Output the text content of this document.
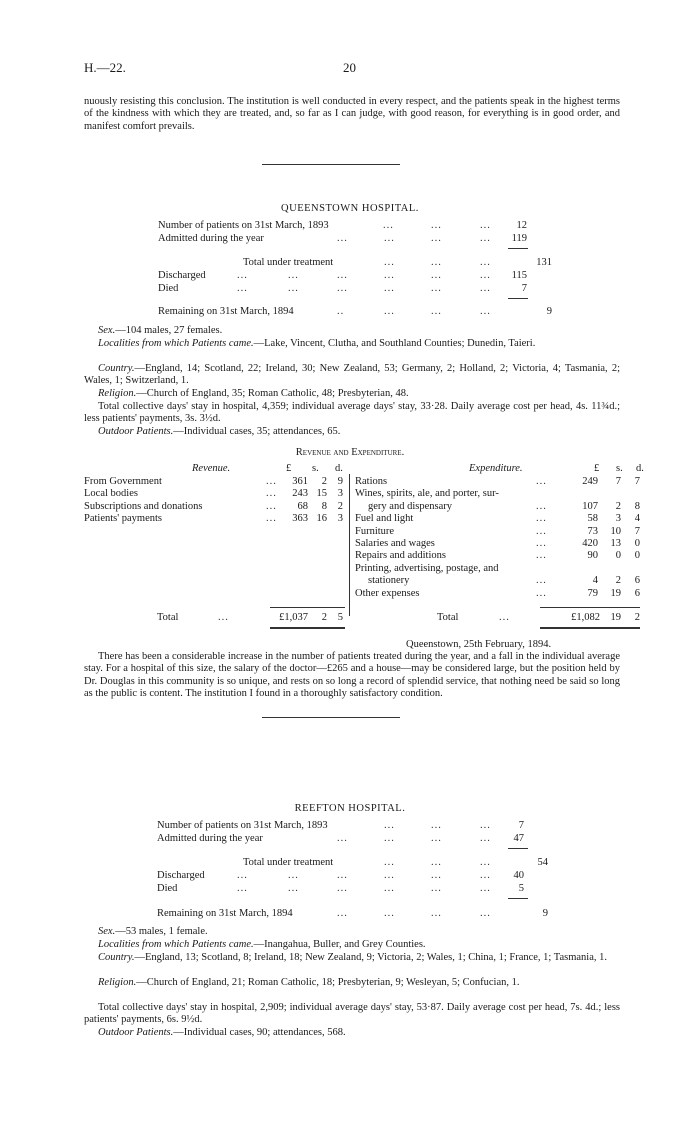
H.—22.	20
nuously resisting this conclusion. The institution is well conducted in every respect, and the patients speak in the highest terms of the kindness with which they are treated, and, so far as I can judge, with good reason, for everything is in good order, and manifest comfort prevails.
QUEENSTOWN HOSPITAL.
Number of patients on 31st March, 1893	...	...	...	12
Admitted during the year	...	...	...	...	119
Total under treatment	...	...	...	131
Discharged	...	...	...	...	...	...	115
Died	...	...	...	...	...	...	7
Remaining on 31st March, 1894	..	...	...	...	9
Sex.—104 males, 27 females.
Localities from which Patients came.—Lake, Vincent, Clutha, and Southland Counties; Dunedin, Taieri.
Country.—England, 14; Scotland, 22; Ireland, 30; New Zealand, 53; Germany, 2; Holland, 2; Victoria, 4; Tasmania, 2; Wales, 1; Switzerland, 1.
Religion.—Church of England, 35; Roman Catholic, 48; Presbyterian, 48.
Total collective days' stay in hospital, 4,359; individual average days' stay, 33·28. Daily average cost per head, 4s. 11¾d.; less patients' payments, 3s. 3½d.
Outdoor Patients.—Individual cases, 35; attendances, 65.
Revenue and Expenditure.
Revenue.	Expenditure.
£ s. d.	£ s. d.
From Government	...	361	2	9
Local bodies	...	243 15	3
Subscriptions and donations	...	68	8	2
Patients' payments	...	363 16	3
Rations	...	249	7	7
Wines, spirits, ale, and porter, sur-
gery and dispensary	...	107	2	8
Fuel and light	...	58	3	4
Furniture	...	73	10	7
Salaries and wages	...	420	13	0
Repairs and additions	...	90	0	0
Printing, advertising, postage, and
stationery	...	4	2	6
Other expenses	...	79	19	6
Total	...	£1,037	2	5	Total	...	£1,082	19	2
Queenstown, 25th February, 1894.
There has been a considerable increase in the number of patients treated during the year, and a fall in the individual average stay. For a hospital of this size, the salary of the doctor—£265 and a house—may be considered large, but the position held by Dr. Douglas in this community is so unique, and rests on so long a record of splendid service, that nothing need be said so long as the public is content. The institution I found in a thoroughly satisfactory condition.
REEFTON HOSPITAL.
Number of patients on 31st March, 1893	...	...	...	7
Admitted during the year	...	...	...	...	47
Total under treatment	...	...	...	54
Discharged	...	...	...	...	...	...	40
Died	...	...	...	...	...	...	5
Remaining on 31st March, 1894	...	...	...	...	9
Sex.—53 males, 1 female.
Localities from which Patients came.—Inangahua, Buller, and Grey Counties.
Country.—England, 13; Scotland, 8; Ireland, 18; New Zealand, 9; Victoria, 2; Wales, 1; China, 1; France, 1; Tasmania, 1.
Religion.—Church of England, 21; Roman Catholic, 18; Presbyterian, 9; Wesleyan, 5; Confucian, 1.
Total collective days' stay in hospital, 2,909; individual average days' stay, 53·87. Daily average cost per head, 7s. 4d.; less patients' payments, 6s. 9½d.
Outdoor Patients.—Individual cases, 90; attendances, 568.
